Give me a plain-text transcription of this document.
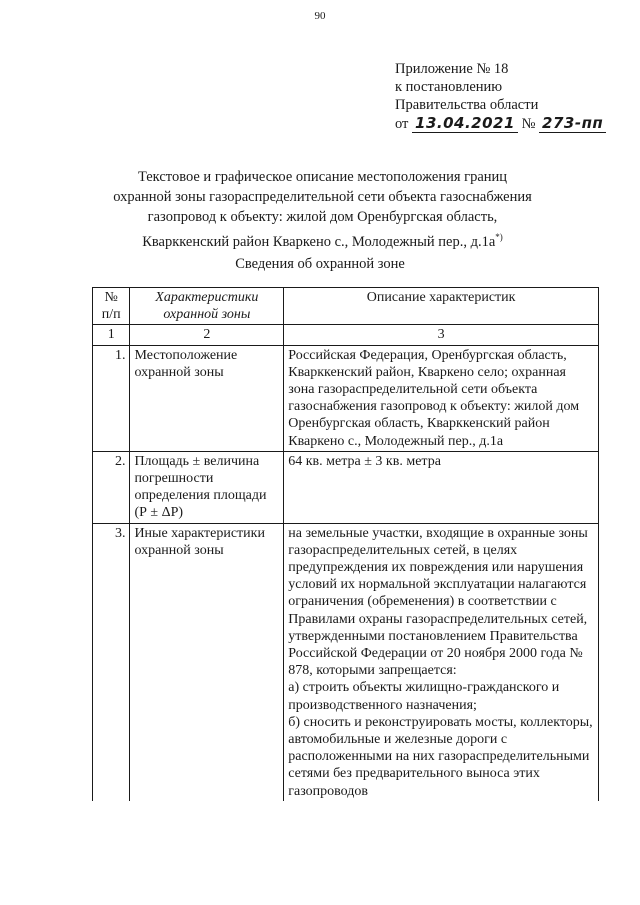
90
Приложение № 18
к постановлению
Правительства области
от 13.04.2021 № 273-пп
Текстовое и графическое описание местоположения границ
охранной зоны газораспределительной сети объекта газоснабжения
газопровод к объекту: жилой дом Оренбургская область,
Кварккенский район Кваркено с., Молодежный пер., д.1а*)
Сведения об охранной зоне
№
п/п	Характеристики охранной зоны	Описание характеристик
1	2	3
1.	Местоположение охранной зоны	Российская Федерация, Оренбургская область, Кварккенский район, Кваркено село; охранная зона газораспределительной сети объекта газоснабжения газопровод к объекту: жилой дом Оренбургская область, Кварккенский район Кваркено с., Молодежный пер., д.1а
2.	Площадь ± величина погрешности определения площади (Р ± ΔР)	64 кв. метра ± 3 кв. метра
3.	Иные характеристики охранной зоны	на земельные участки, входящие в охранные зоны газораспределительных сетей, в целях предупреждения их повреждения или нарушения условий их нормальной эксплуатации налагаются ограничения (обременения) в соответствии с Правилами охраны газораспределительных сетей, утвержденными постановлением Правительства Российской Федерации от 20 ноября 2000 года № 878, которыми запрещается:
а) строить объекты жилищно-гражданского и производственного назначения;
б) сносить и реконструировать мосты, коллекторы, автомобильные и железные дороги с расположенными на них газораспределительными сетями без предварительного выноса этих газопроводов
